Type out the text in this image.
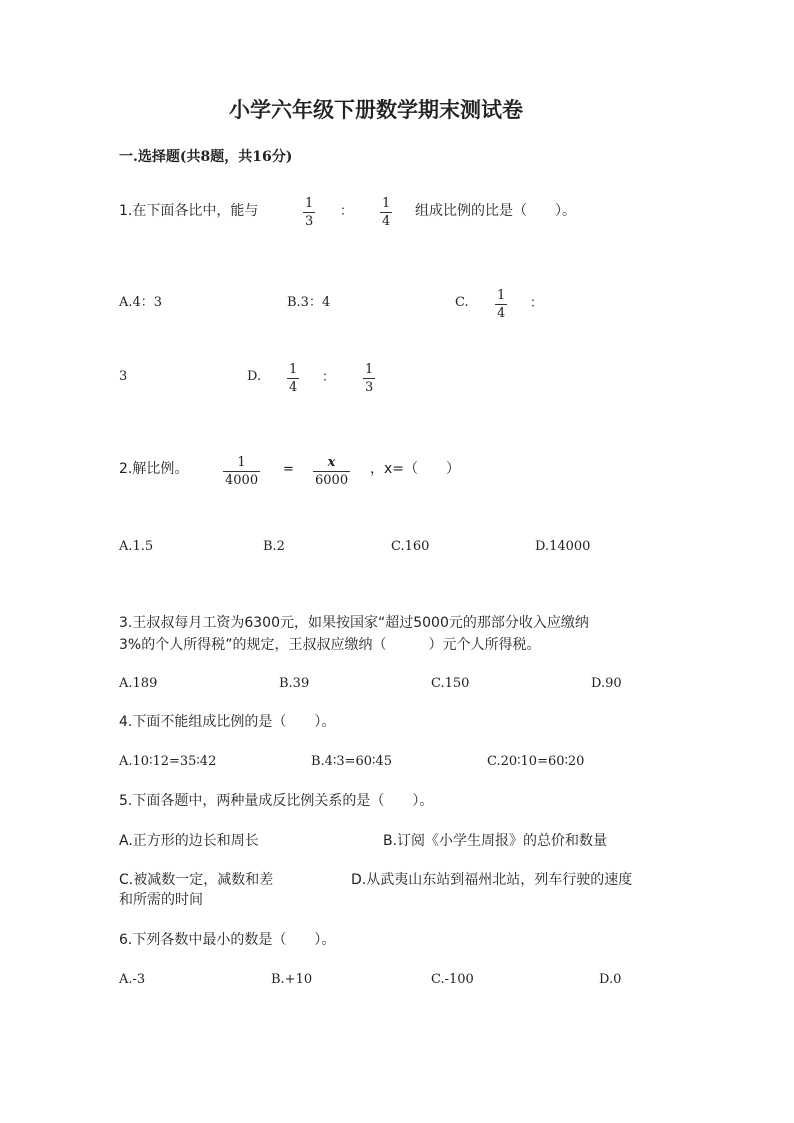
小学六年级下册数学期末测试卷
一.选择题(共8题，共16分)
1.在下面各比中，能与	$\frac{1}{3}$ ： $\frac{1}{4}$ 组成比例的比是（　　）。
A.4：3	B.3：4	C. $\frac{1}{4}$ ：
3	D. $\frac{1}{4}$ ： $\frac{1}{3}$
2.解比例。	$\frac{1}{4000} = \frac{x}{6000}$ ，x=（　　）
A.1.5	B.2	C.160	D.14000
3.王叔叔每月工资为6300元，如果按国家“超过5000元的那部分收入应缴纳
3%的个人所得税”的规定，王叔叔应缴纳（　　　）元个人所得税。
A.189	B.39	C.150	D.90
4.下面不能组成比例的是（　　）。
A.10∶12=35∶42	B.4∶3=60∶45	C.20∶10=60∶20
5.下面各题中，两种量成反比例关系的是（　　）。
A.正方形的边长和周长	B.订阅《小学生周报》的总价和数量
C.被减数一定，减数和差	D.从武夷山东站到福州北站，列车行驶的速度
和所需的时间
6.下列各数中最小的数是（　　）。
A.-3	B.+10	C.-100	D.0
